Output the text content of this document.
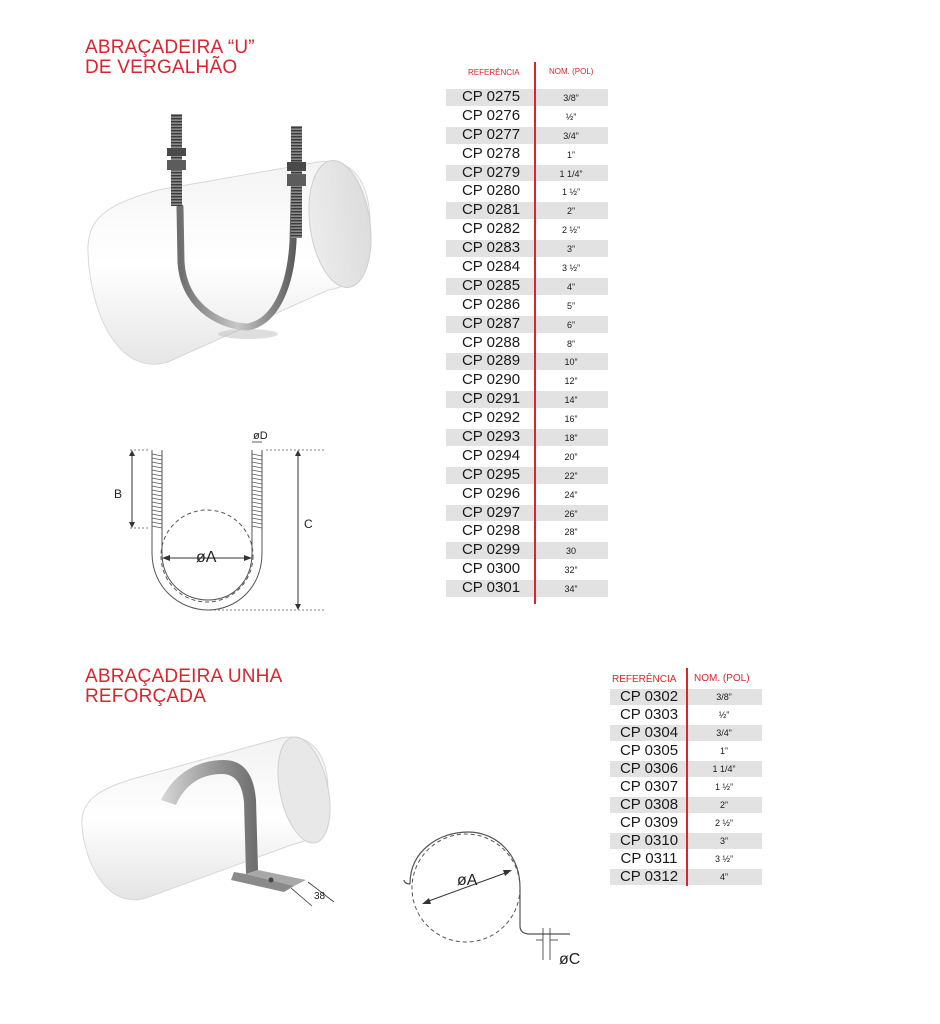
ABRAÇADEIRA “U”
DE VERGALHÃO
øD
B
C
øA
REFERÊNCIA	NOM. (POL)
CP 0275	3/8”
CP 0276	½”
CP 0277	3/4”
CP 0278	1”
CP 0279	1 1/4”
CP 0280	1 ½”
CP 0281	2”
CP 0282	2 ½”
CP 0283	3”
CP 0284	3 ½”
CP 0285	4”
CP 0286	5”
CP 0287	6”
CP 0288	8”
CP 0289	10”
CP 0290	12”
CP 0291	14”
CP 0292	16”
CP 0293	18”
CP 0294	20”
CP 0295	22”
CP 0296	24”
CP 0297	26”
CP 0298	28”
CP 0299	30
CP 0300	32”
CP 0301	34”
ABRAÇADEIRA UNHA
REFORÇADA
38
øA
øC
REFERÊNCIA NOM. (POL)
CP 0302	3/8”
CP 0303	½”
CP 0304	3/4”
CP 0305	1”
CP 0306	1 1/4”
CP 0307	1 ½”
CP 0308	2”
CP 0309	2 ½”
CP 0310	3”
CP 0311	3 ½”
CP 0312	4”
